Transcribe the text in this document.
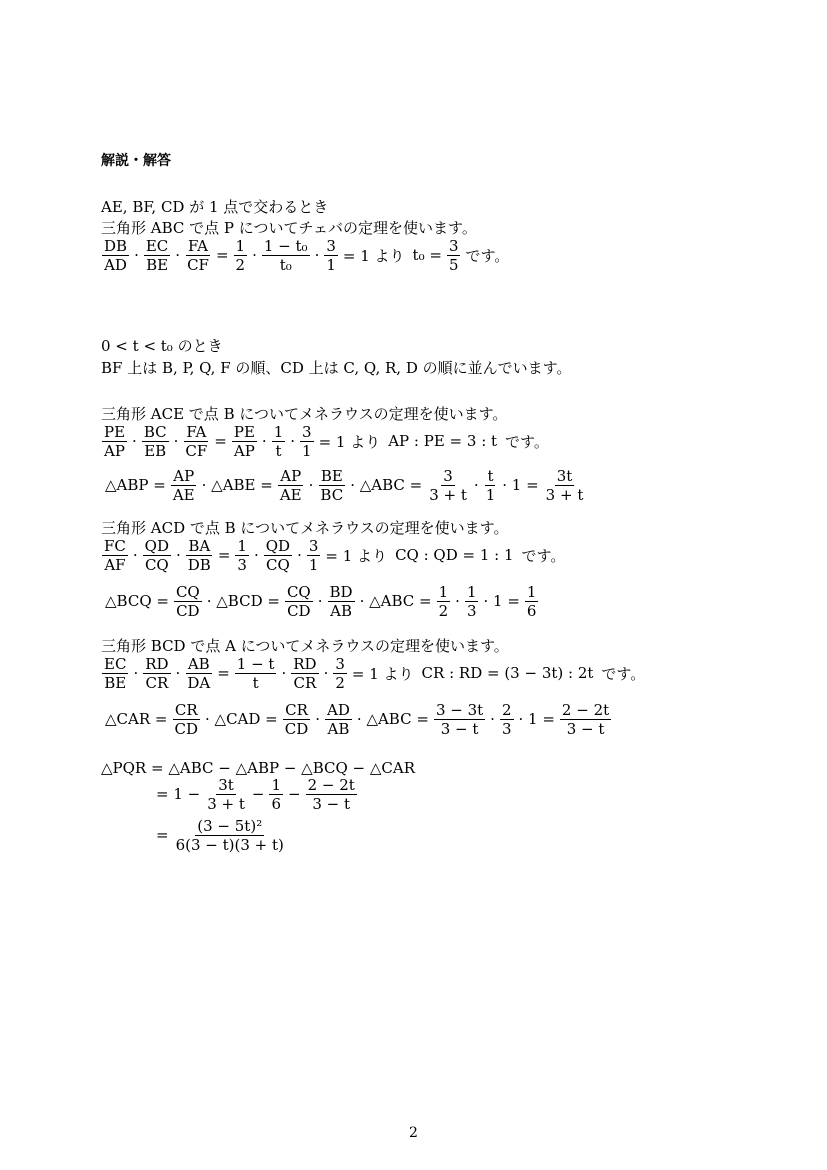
解説・解答
AE, BF, CD が 1 点で交わるとき
三角形 ABC で点 P についてチェバの定理を使います。
$\frac{DB}{AD} \cdot \frac{EC}{BE} \cdot \frac{FA}{CF} = \frac{1}{2} \cdot \frac{\text{1 − t₀}}{\text{t₀}} \cdot \frac{3}{1} = 1$ より $t_0 = \frac{3}{5}$ です。
0 < t < t₀ のとき
BF 上は B, P, Q, F の順、CD 上は C, Q, R, D の順に並んでいます。
三角形 ACE で点 B についてメネラウスの定理を使います。
$\frac{PE}{AP} \cdot \frac{BC}{EB} \cdot \frac{FA}{CF} = \frac{PE}{AP} \cdot \frac{1}{t} \cdot \frac{3}{1} = 1$ より AP : PE = 3 : t です。
△ABP = $\frac{AP}{AE}$ · △ABE = $\frac{AP}{AE} \cdot \frac{BE}{BC}$ · △ABC = $\frac{3}{3 + t} \cdot \frac{t}{1} \cdot 1 = \frac{3t}{3 + t}$
三角形 ACD で点 B についてメネラウスの定理を使います。
$\frac{FC}{AF} \cdot \frac{QD}{CQ} \cdot \frac{BA}{DB} = \frac{1}{3} \cdot \frac{QD}{CQ} \cdot \frac{3}{1} = 1$ より CQ : QD = 1 : 1 です。
△BCQ = $\frac{CQ}{CD}$ · △BCD = $\frac{CQ}{CD} \cdot \frac{BD}{AB}$ · △ABC = $\frac{1}{2} \cdot \frac{1}{3} \cdot 1 = \frac{1}{6}$
三角形 BCD で点 A についてメネラウスの定理を使います。
$\frac{EC}{BE} \cdot \frac{RD}{CR} \cdot \frac{AB}{DA} = \frac{1 - t}{t} \cdot \frac{RD}{CR} \cdot \frac{3}{2} = 1$ より CR : RD = (3 − 3t) : 2t です。
△CAR = $\frac{CR}{CD}$ · △CAD = $\frac{CR}{CD} \cdot \frac{AD}{AB}$ · △ABC = $\frac{3 - 3t}{3 - t} \cdot \frac{2}{3} \cdot 1 = \frac{2 - 2t}{3 - t}$
△PQR = △ABC − △ABP − △BCQ − △CAR
= $1 - \frac{3t}{3 + t} - \frac{1}{6} - \frac{2 - 2t}{3 - t}$
= $\frac{\text{(3 − 5t)²}}{6(3 - t)(3 + t)}$
2
